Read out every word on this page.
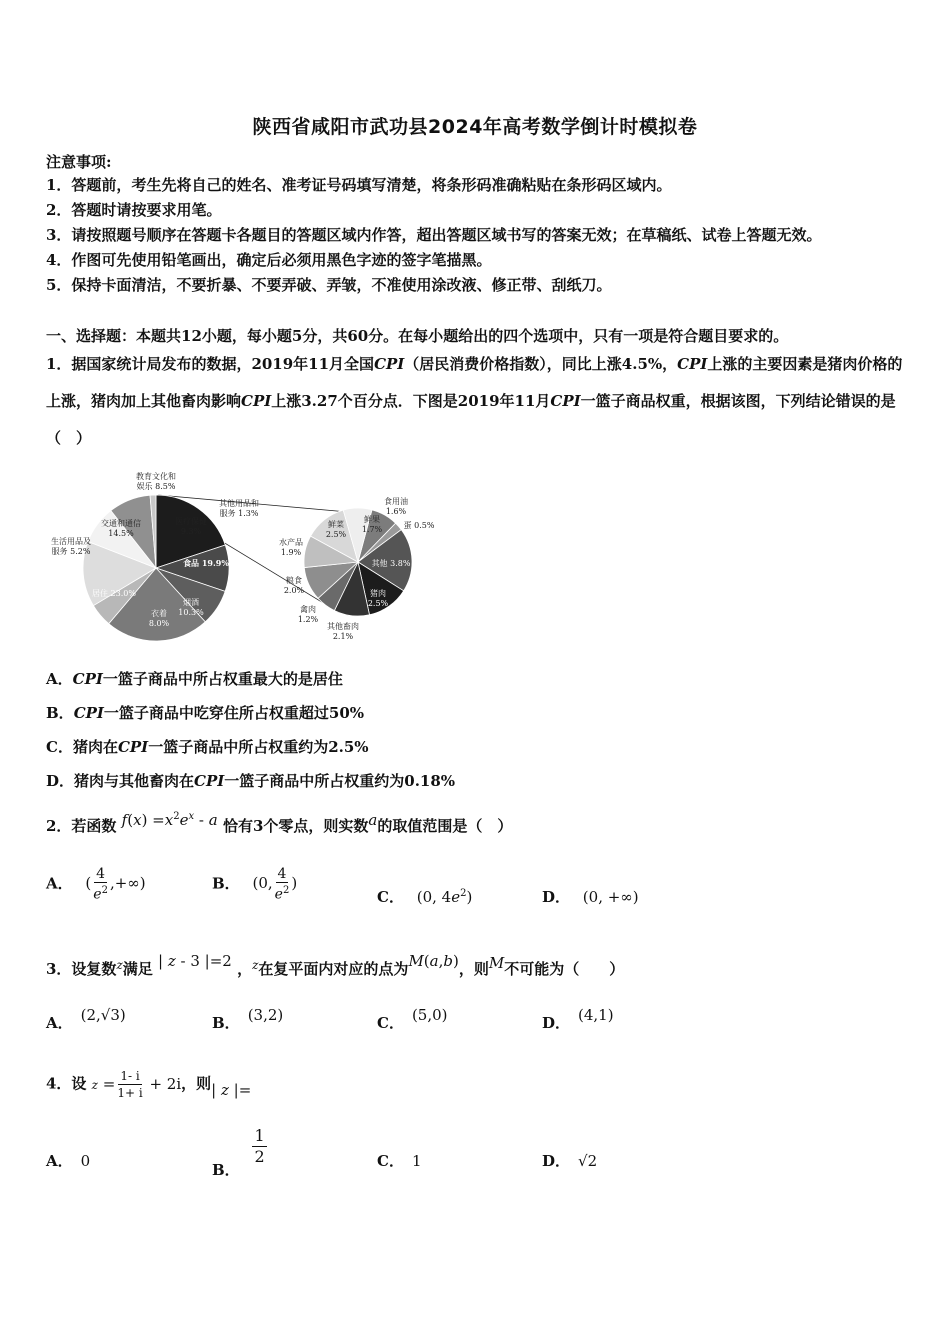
陕西省咸阳市武功县2024年高考数学倒计时模拟卷
注意事项:
1．答题前，考生先将自己的姓名、准考证号码填写清楚，将条形码准确粘贴在条形码区域内。
2．答题时请按要求用笔。
3．请按照题号顺序在答题卡各题目的答题区域内作答，超出答题区域书写的答案无效；在草稿纸、试卷上答题无效。
4．作图可先使用铅笔画出，确定后必须用黑色字迹的签字笔描黑。
5．保持卡面清洁，不要折暴、不要弄破、弄皱，不准使用涂改液、修正带、刮纸刀。
一、选择题：本题共12小题，每小题5分，共60分。在每小题给出的四个选项中，只有一项是符合题目要求的。
1．据国家统计局发布的数据，2019年11月全国CPI（居民消费价格指数），同比上涨4.5%，CPI上涨的主要因素是猪肉价格的上涨，猪肉加上其他畜肉影响CPI上涨3.27个百分点．下图是2019年11月CPI一篮子商品权重，根据该图，下列结论错误的是（　）
食品 19.9%
烟酒 10.3%
衣着 8.0%
居住 23.0%
生活用品及服务 5.2%
交通和通信 14.5%
教育文化和娱乐 8.5%
医疗保健 9.3%
其他用品和服务 1.3%
食用油 1.6%
蛋 0.5%
其他 3.8%
猪肉 2.5%
其他畜肉 2.1%
禽肉 1.2%
粮食 2.0%
水产品 1.9%
鲜菜 2.5%
鲜果 1.7%
A．CPI一篮子商品中所占权重最大的是居住
B．CPI一篮子商品中吃穿住所占权重超过50%
C．猪肉在CPI一篮子商品中所占权重约为2.5%
D．猪肉与其他畜肉在CPI一篮子商品中所占权重约为0.18%
2．若函数 $f(x) =x^2e^x - a$ 恰有3个零点，则实数a的取值范围是（　）
A． ( $\frac{4}{e^2}$ ,+∞)	B． (0, $\frac{4}{e^2}$ )
C． (0, $4e^2$)	D． (0, +∞)
3．设复数$^z$满足 | z - 3 |=2 ，$^z$在复平面内对应的点为M(a,b)，则M不可能为（　　）
A． (2,√3)	B． (3,2)	C． (5,0)	D． (4,1)
4．设 $z = \frac{1- i}{1+ i} + 2i$，则| z |=
A． 0	B．
$\frac{1}{2}$	C． 1	D． √2
